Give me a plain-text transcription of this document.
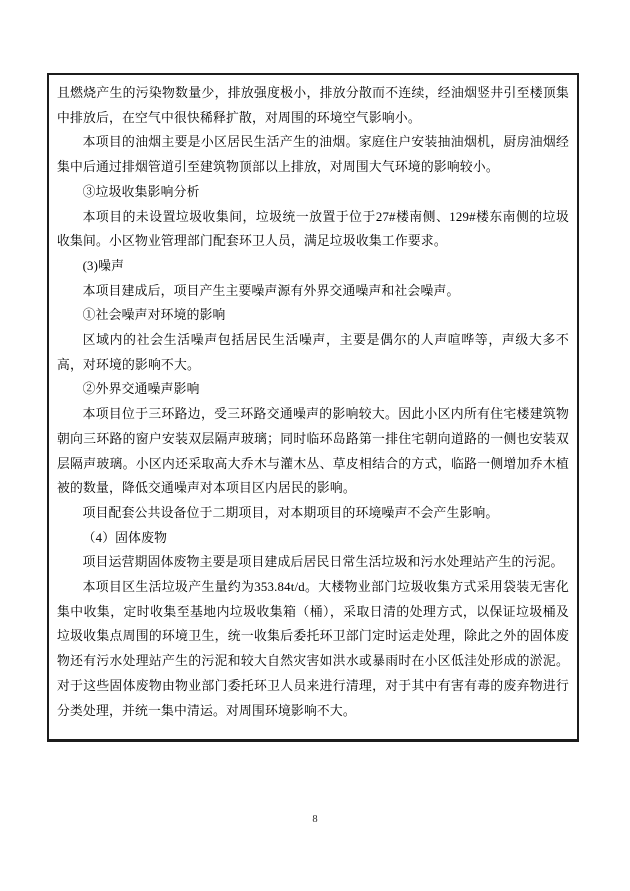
且燃烧产生的污染物数量少，排放强度极小，排放分散而不连续，经油烟竖井引至楼顶集中排放后，在空气中很快稀释扩散，对周围的环境空气影响小。

本项目的油烟主要是小区居民生活产生的油烟。家庭住户安装抽油烟机，厨房油烟经集中后通过排烟管道引至建筑物顶部以上排放，对周围大气环境的影响较小。

③垃圾收集影响分析

本项目的未设置垃圾收集间，垃圾统一放置于位于27#楼南侧、129#楼东南侧的垃圾收集间。小区物业管理部门配套环卫人员，满足垃圾收集工作要求。

(3)噪声

本项目建成后，项目产生主要噪声源有外界交通噪声和社会噪声。

①社会噪声对环境的影响

区域内的社会生活噪声包括居民生活噪声，主要是偶尔的人声喧哗等，声级大多不高，对环境的影响不大。

②外界交通噪声影响

本项目位于三环路边，受三环路交通噪声的影响较大。因此小区内所有住宅楼建筑物朝向三环路的窗户安装双层隔声玻璃；同时临环岛路第一排住宅朝向道路的一侧也安装双层隔声玻璃。小区内还采取高大乔木与灌木丛、草皮相结合的方式，临路一侧增加乔木植被的数量，降低交通噪声对本项目区内居民的影响。

项目配套公共设备位于二期项目，对本期项目的环境噪声不会产生影响。

（4）固体废物

项目运营期固体废物主要是项目建成后居民日常生活垃圾和污水处理站产生的污泥。

本项目区生活垃圾产生量约为353.84t/d。大楼物业部门垃圾收集方式采用袋装无害化集中收集，定时收集至基地内垃圾收集箱（桶），采取日清的处理方式，以保证垃圾桶及垃圾收集点周围的环境卫生，统一收集后委托环卫部门定时运走处理，除此之外的固体废物还有污水处理站产生的污泥和较大自然灾害如洪水或暴雨时在小区低洼处形成的淤泥。对于这些固体废物由物业部门委托环卫人员来进行清理，对于其中有害有毒的废弃物进行分类处理，并统一集中清运。对周围环境影响不大。

8
